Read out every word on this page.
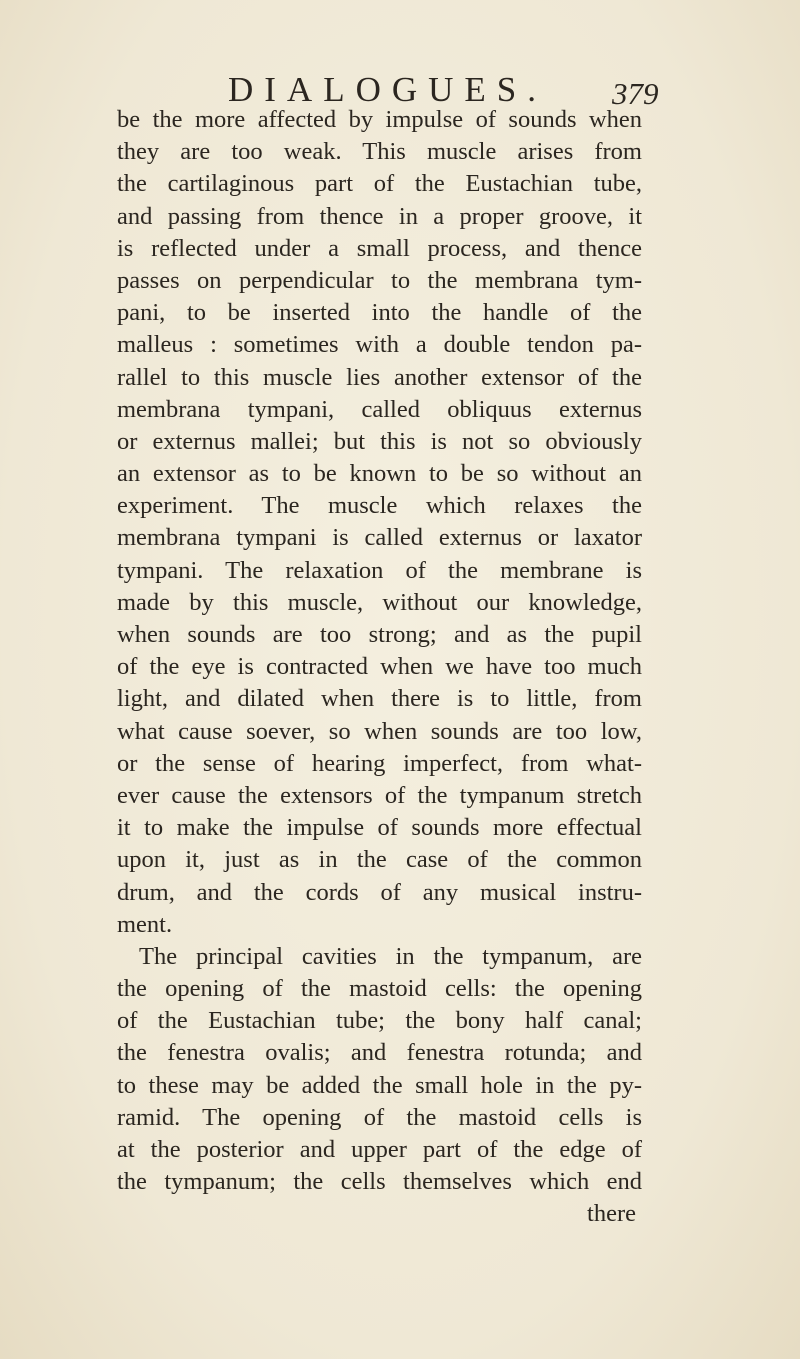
DIALOGUES. 379
be the more affected by impulse of sounds when
they are too weak. This muscle arises from
the cartilaginous part of the Eustachian tube,
and passing from thence in a proper groove, it
is reflected under a small process, and thence
passes on perpendicular to the membrana tym-
pani, to be inserted into the handle of the
malleus : sometimes with a double tendon pa-
rallel to this muscle lies another extensor of the
membrana tympani, called obliquus externus
or externus mallei; but this is not so obviously
an extensor as to be known to be so without an
experiment. The muscle which relaxes the
membrana tympani is called externus or laxator
tympani. The relaxation of the membrane is
made by this muscle, without our knowledge,
when sounds are too strong; and as the pupil
of the eye is contracted when we have too much
light, and dilated when there is to little, from
what cause soever, so when sounds are too low,
or the sense of hearing imperfect, from what-
ever cause the extensors of the tympanum stretch
it to make the impulse of sounds more effectual
upon it, just as in the case of the common
drum, and the cords of any musical instru-
ment.
The principal cavities in the tympanum, are
the opening of the mastoid cells: the opening
of the Eustachian tube; the bony half canal;
the fenestra ovalis; and fenestra rotunda; and
to these may be added the small hole in the py-
ramid. The opening of the mastoid cells is
at the posterior and upper part of the edge of
the tympanum; the cells themselves which end
there
